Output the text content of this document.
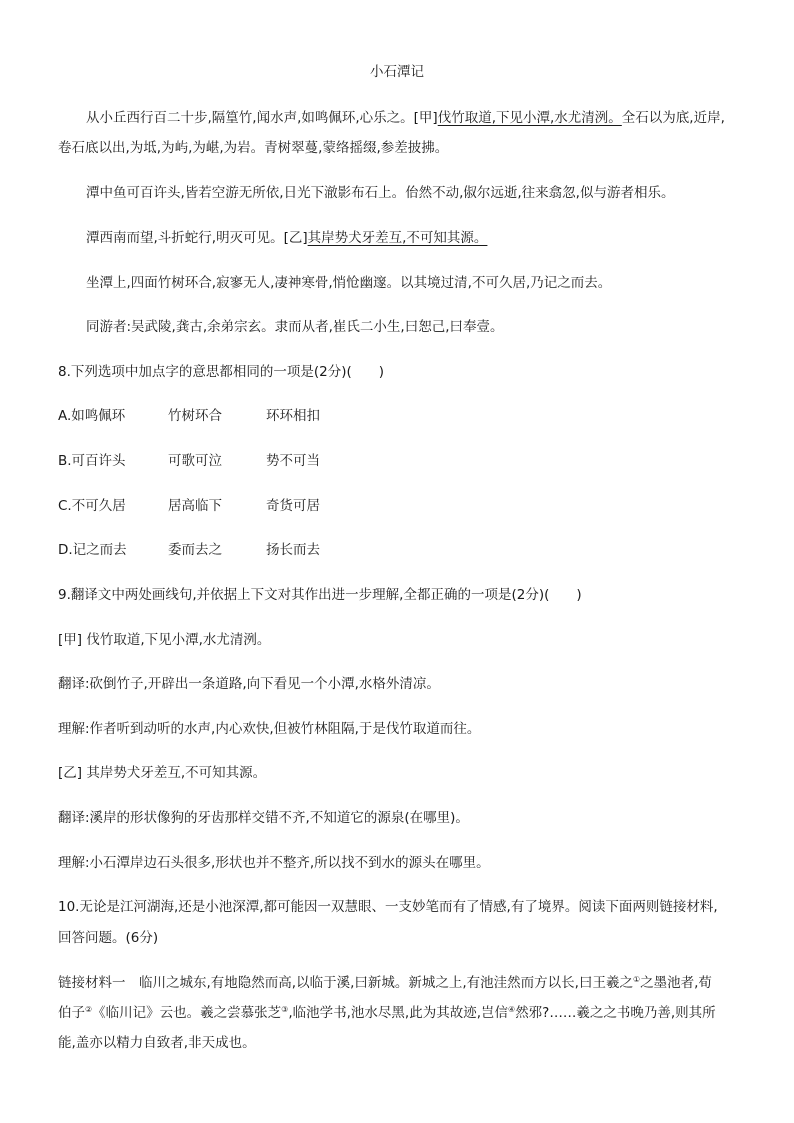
小石潭记
从小丘西行百二十步,隔篁竹,闻水声,如鸣佩环,心乐之。[甲]伐竹取道,下见小潭,水尤清洌。全石以为底,近岸,
卷石底以出,为坻,为屿,为嵁,为岩。青树翠蔓,蒙络摇缀,参差披拂。
潭中鱼可百许头,皆若空游无所依,日光下澈影布石上。佁然不动,俶尔远逝,往来翕忽,似与游者相乐。
潭西南而望,斗折蛇行,明灭可见。[乙]其岸势犬牙差互,不可知其源。
坐潭上,四面竹树环合,寂寥无人,凄神寒骨,悄怆幽邃。以其境过清,不可久居,乃记之而去。
同游者:吴武陵,龚古,余弟宗玄。隶而从者,崔氏二小生,曰恕己,曰奉壹。
8.下列选项中加点字的意思都相同的一项是(2分)(　　)
A.如鸣佩环	竹树环合	环环相扣
B.可百许头	可歌可泣	势不可当
C.不可久居	居高临下	奇货可居
D.记之而去	委而去之	扬长而去
9.翻译文中两处画线句,并依据上下文对其作出进一步理解,全都正确的一项是(2分)(　　)
[甲] 伐竹取道,下见小潭,水尤清洌。
翻译:砍倒竹子,开辟出一条道路,向下看见一个小潭,水格外清凉。
理解:作者听到动听的水声,内心欢快,但被竹林阻隔,于是伐竹取道而往。
[乙] 其岸势犬牙差互,不可知其源。
翻译:溪岸的形状像狗的牙齿那样交错不齐,不知道它的源泉(在哪里)。
理解:小石潭岸边石头很多,形状也并不整齐,所以找不到水的源头在哪里。
10.无论是江河湖海,还是小池深潭,都可能因一双慧眼、一支妙笔而有了情感,有了境界。阅读下面两则链接材料,
回答问题。(6分)
链接材料一　临川之城东,有地隐然而高,以临于溪,曰新城。新城之上,有池洼然而方以长,曰王羲之①之墨池者,荀
伯子②《临川记》云也。羲之尝慕张芝③,临池学书,池水尽黑,此为其故迹,岂信④然邪?……羲之之书晚乃善,则其所
能,盖亦以精力自致者,非天成也。
